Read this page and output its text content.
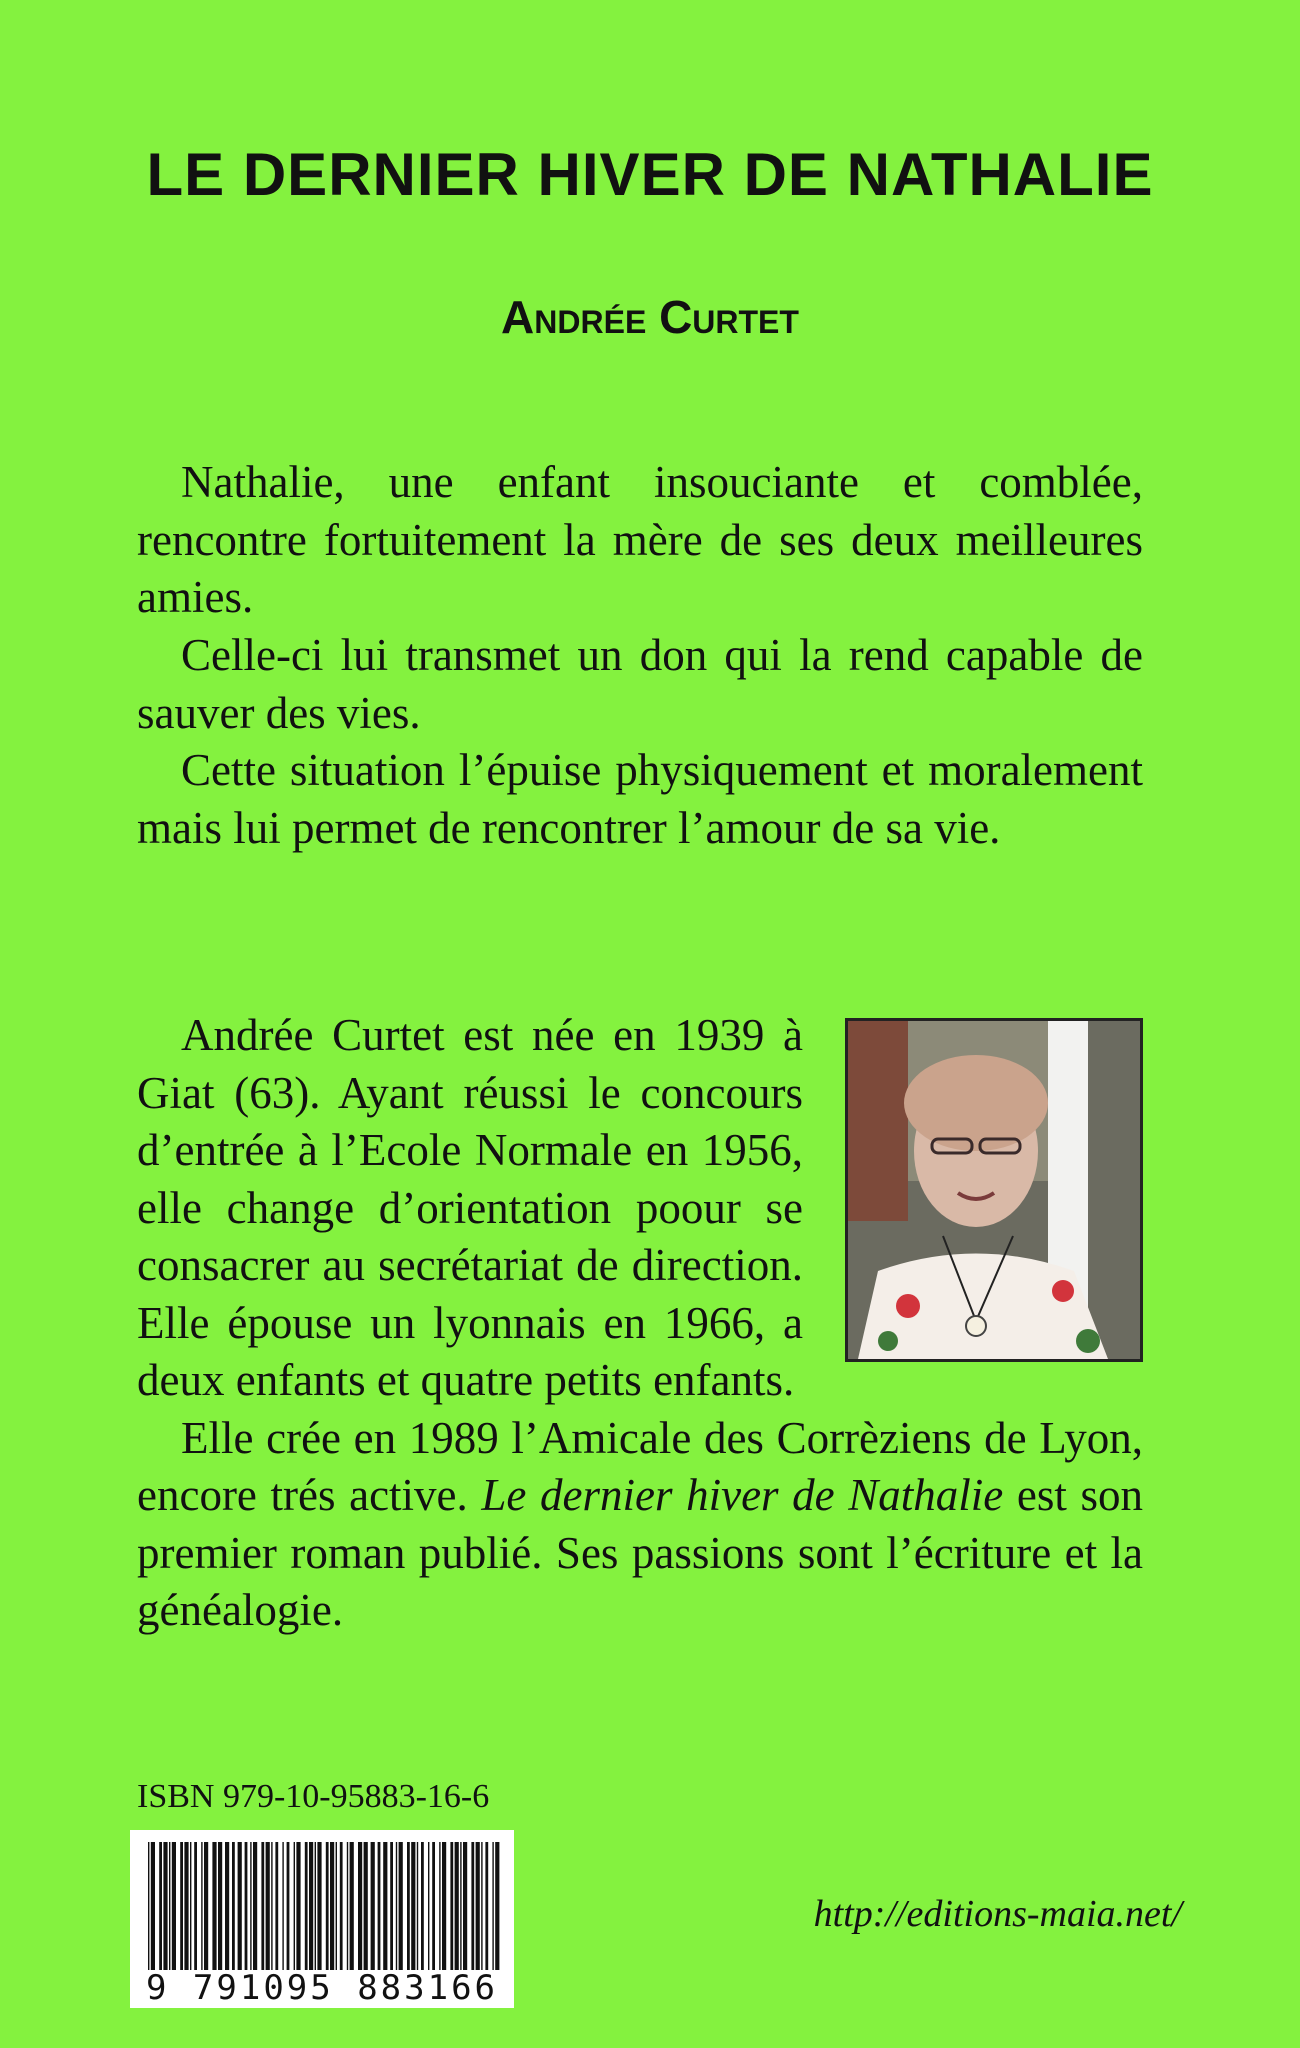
LE DERNIER HIVER DE NATHALIE
Andrée Curtet

Nathalie, une enfant insouciante et comblée, rencontre fortuitement la mère de ses deux meilleures amies.

Celle-ci lui transmet un don qui la rend capable de sauver des vies.

Cette situation l’épuise physiquement et moralement mais lui permet de rencontrer l’amour de sa vie.

Andrée Curtet est née en 1939 à Giat (63). Ayant réussi le concours d’entrée à l’Ecole Normale en 1956, elle change d’orientation poour se consacrer au secrétariat de direction. Elle épouse un lyonnais en 1966, a deux enfants et quatre petits enfants.

Elle crée en 1989 l’Amicale des Corrèziens de Lyon, encore trés active. Le dernier hiver de Nathalie est son premier roman publié. Ses passions sont l’écriture et la généalogie.

ISBN 979-10-95883-16-6
9 791095 883166
http://editions-maia.net/
